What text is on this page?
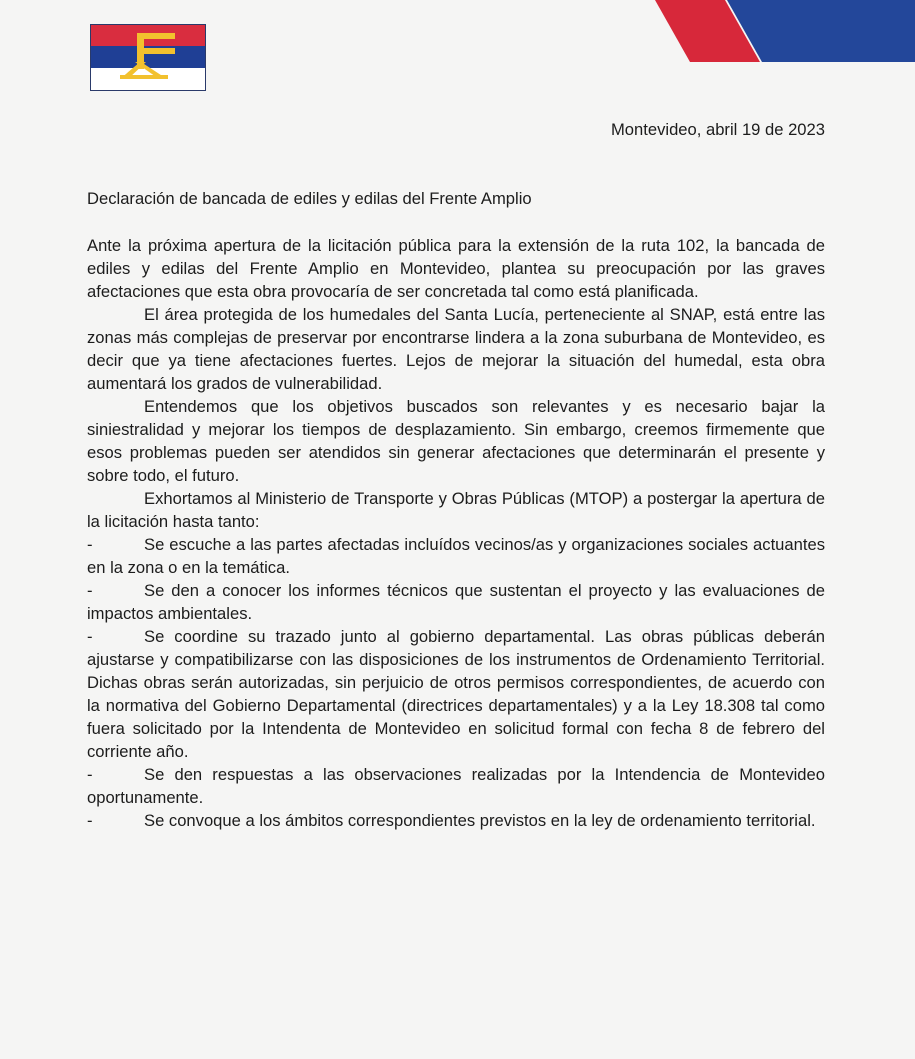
Montevideo, abril 19 de 2023
Declaración de bancada de ediles y edilas del Frente Amplio

Ante la próxima apertura de la licitación pública para la extensión de la ruta 102, la bancada de ediles y edilas del Frente Amplio en Montevideo, plantea su preocupación por las graves afectaciones que esta obra provocaría de ser concretada tal como está planificada.

El área protegida de los humedales del Santa Lucía, perteneciente al SNAP, está entre las zonas más complejas de preservar por encontrarse lindera a la zona suburbana de Montevideo, es decir que ya tiene afectaciones fuertes. Lejos de mejorar la situación del humedal, esta obra aumentará los grados de vulnerabilidad.

Entendemos que los objetivos buscados son relevantes y es necesario bajar la siniestralidad y mejorar los tiempos de desplazamiento. Sin embargo, creemos firmemente que esos problemas pueden ser atendidos sin generar afectaciones que determinarán el presente y sobre todo, el futuro.

Exhortamos al Ministerio de Transporte y Obras Públicas (MTOP) a postergar la apertura de la licitación hasta tanto:

-	Se escuche a las partes afectadas incluídos vecinos/as y organizaciones sociales actuantes en la zona o en la temática.

-	Se den a conocer los informes técnicos que sustentan el proyecto y las evaluaciones de impactos ambientales.

-	Se coordine su trazado junto al gobierno departamental. Las obras públicas deberán ajustarse y compatibilizarse con las disposiciones de los instrumentos de Ordenamiento Territorial. Dichas obras serán autorizadas, sin perjuicio de otros permisos correspondientes, de acuerdo con la normativa del Gobierno Departamental (directrices departamentales) y a la Ley 18.308 tal como fuera solicitado por la Intendenta de Montevideo en solicitud formal con fecha 8 de febrero del corriente año.

-	Se den respuestas a las observaciones realizadas por la Intendencia de Montevideo oportunamente.

-	Se convoque a los ámbitos correspondientes previstos en la ley de ordenamiento territorial.
